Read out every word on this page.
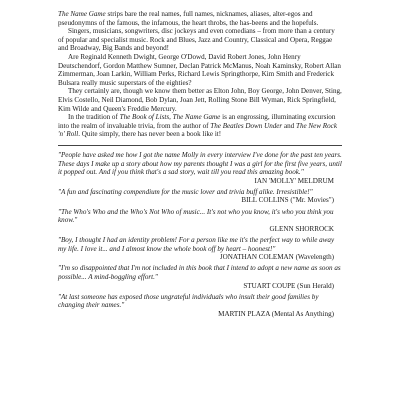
The Name Game strips bare the real names, full names, nicknames, aliases, alter-egos and pseudonymns of the famous, the infamous, the heart throbs, the has-beens and the hopefuls.

Singers, musicians, songwriters, disc jockeys and even comedians – from more than a century of popular and specialist music. Rock and Blues, Jazz and Country, Classical and Opera, Reggae and Broadway, Big Bands and beyond!

Are Reginald Kenneth Dwight, George O'Dowd, David Robert Jones, John Henry Deutschendorf, Gordon Matthew Sumner, Declan Patrick McManus, Noah Kaminsky, Robert Allan Zimmerman, Joan Larkin, William Perks, Richard Lewis Springthorpe, Kim Smith and Frederick Bulsara really music superstars of the eighties?

They certainly are, though we know them better as Elton John, Boy George, John Denver, Sting, Elvis Costello, Neil Diamond, Bob Dylan, Joan Jett, Rolling Stone Bill Wyman, Rick Springfield, Kim Wilde and Queen's Freddie Mercury.

In the tradition of The Book of Lists, The Name Game is an engrossing, illuminating excursion into the realm of invaluable trivia, from the author of The Beatles Down Under and The New Rock 'n' Roll. Quite simply, there has never been a book like it!

"People have asked me how I got the name Molly in every interview I've done for the past ten years. These days I make up a story about how my parents thought I was a girl for the first five years, until it popped out. And if you think that's a sad story, wait till you read this amazing book."
IAN 'MOLLY' MELDRUM
"A fun and fascinating compendium for the music lover and trivia buff alike. Irresistible!"
BILL COLLINS ("Mr. Movies")
"The Who's Who and the Who's Not Who of music... It's not who you know, it's who you think you know."
GLENN SHORROCK
"Boy, I thought I had an identity problem! For a person like me it's the perfect way to while away my life. I love it... and I almost know the whole book off by heart – hoonest!"
JONATHAN COLEMAN (Wavelength)
"I'm so disappointed that I'm not included in this book that I intend to adopt a new name as soon as possible... A mind-boggling effort."
STUART COUPE (Sun Herald)
"At last someone has exposed those ungrateful individuals who insult their good families by changing their names."
MARTIN PLAZA (Mental As Anything)
